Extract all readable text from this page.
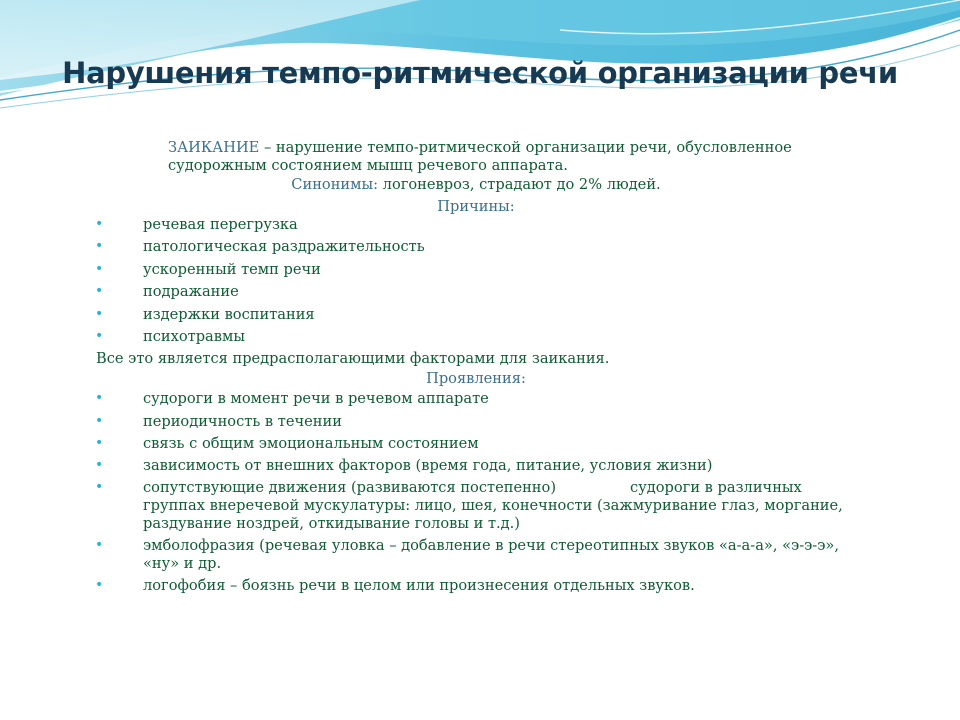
Нарушения темпо-ритмической организации речи
ЗАИКАНИЕ – нарушение темпо-ритмической организации речи, обусловленное судорожным состоянием мышц речевого аппарата.
Синонимы: логоневроз, страдают до 2% людей.
Причины:
•	речевая перегрузка
•	патологическая раздражительность
•	ускоренный темп речи
•	подражание
•	издержки воспитания
•	психотравмы
Все это является предрасполагающими факторами для заикания.
Проявления:
•	судороги в момент речи в речевом аппарате
•	периодичность в течении
•	связь с общим эмоциональным состоянием
•	зависимость от внешних факторов (время года, питание, условия жизни)
•	сопутствующие движения (развиваются постепенно)	судороги в различных группах внеречевой мускулатуры: лицо, шея, конечности (зажмуривание глаз, моргание, раздувание ноздрей, откидывание головы и т.д.)
•	эмболофразия (речевая уловка – добавление в речи стереотипных звуков «а-а-а», «э-э-э», «ну» и др.
•	логофобия – боязнь речи в целом или произнесения отдельных звуков.
